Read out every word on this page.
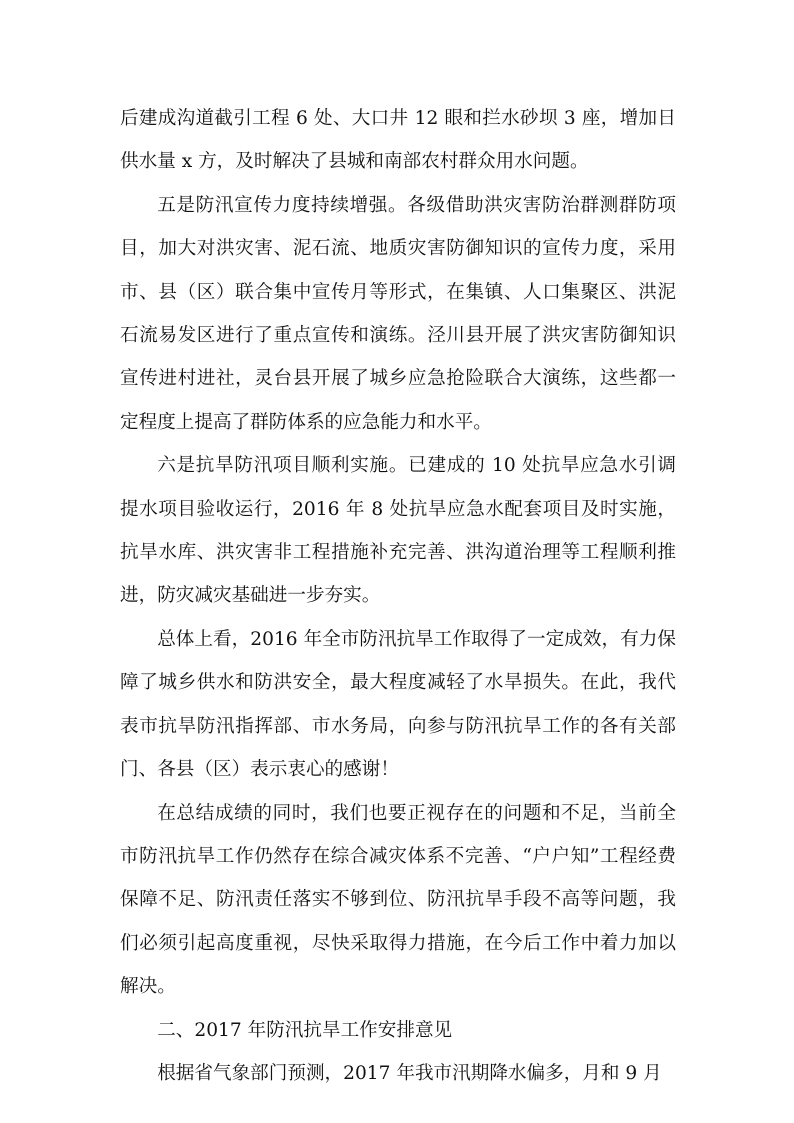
后建成沟道截引工程 6 处、大口井 12 眼和拦水砂坝 3 座，增加日供水量 x 方，及时解决了县城和南部农村群众用水问题。

五是防汛宣传力度持续增强。各级借助洪灾害防治群测群防项目，加大对洪灾害、泥石流、地质灾害防御知识的宣传力度，采用市、县（区）联合集中宣传月等形式，在集镇、人口集聚区、洪泥石流易发区进行了重点宣传和演练。泾川县开展了洪灾害防御知识宣传进村进社，灵台县开展了城乡应急抢险联合大演练，这些都一定程度上提高了群防体系的应急能力和水平。

六是抗旱防汛项目顺利实施。已建成的 10 处抗旱应急水引调提水项目验收运行，2016 年 8 处抗旱应急水配套项目及时实施，抗旱水库、洪灾害非工程措施补充完善、洪沟道治理等工程顺利推进，防灾减灾基础进一步夯实。

总体上看，2016 年全市防汛抗旱工作取得了一定成效，有力保障了城乡供水和防洪安全，最大程度减轻了水旱损失。在此，我代表市抗旱防汛指挥部、市水务局，向参与防汛抗旱工作的各有关部门、各县（区）表示衷心的感谢！

在总结成绩的同时，我们也要正视存在的问题和不足，当前全市防汛抗旱工作仍然存在综合减灾体系不完善、“户户知”工程经费保障不足、防汛责任落实不够到位、防汛抗旱手段不高等问题，我们必须引起高度重视，尽快采取得力措施，在今后工作中着力加以解决。

二、2017 年防汛抗旱工作安排意见

根据省气象部门预测，2017 年我市汛期降水偏多，月和 9 月
